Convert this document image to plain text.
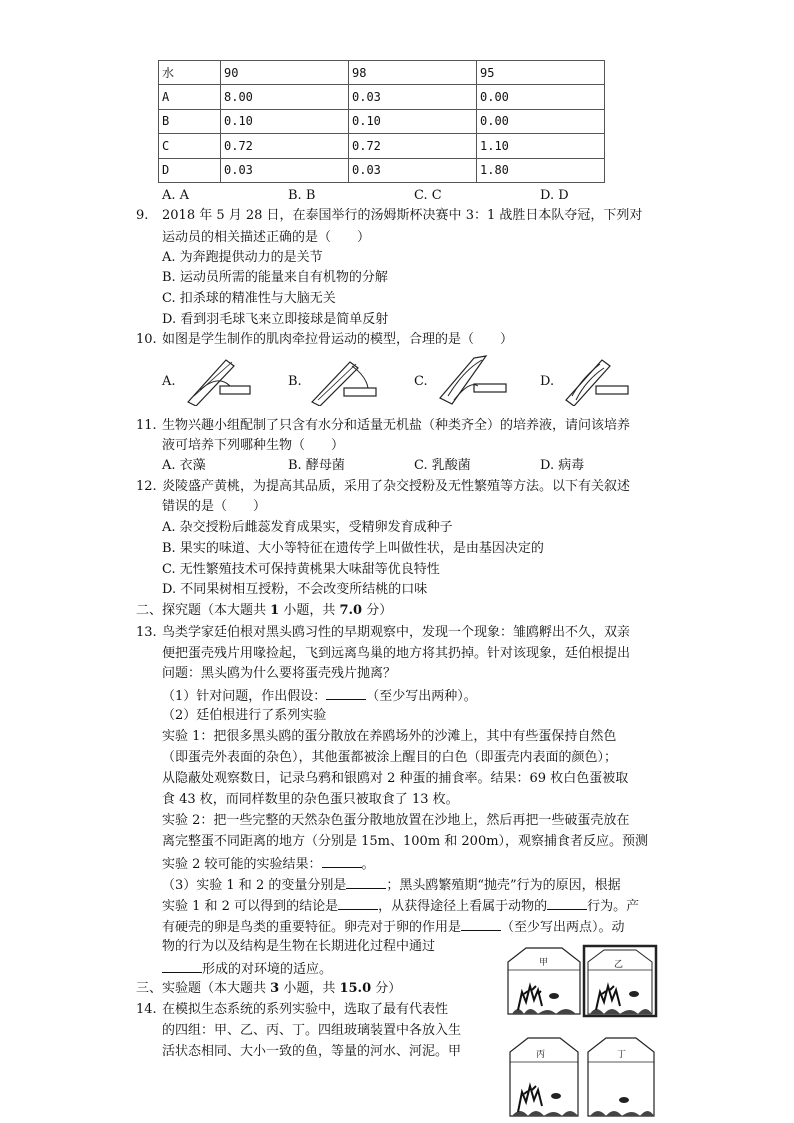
水	90	98	95
A	8.00	0.03	0.00
B	0.10	0.10	0.00
C	0.72	0.72	1.10
D	0.03	0.03	1.80
A. A	B. B	C. C	D. D
9. 2018 年 5 月 28 日，在泰国举行的汤姆斯杯决赛中 3：1 战胜日本队夺冠，下列对
运动员的相关描述正确的是（　　）
A. 为奔跑提供动力的是关节
B. 运动员所需的能量来自有机物的分解
C. 扣杀球的精准性与大脑无关
D. 看到羽毛球飞来立即接球是简单反射
10. 如图是学生制作的肌肉牵拉骨运动的模型，合理的是（　　）
A.	B.	C.	D.
11. 生物兴趣小组配制了只含有水分和适量无机盐（种类齐全）的培养液，请问该培养
液可培养下列哪种生物（　　）
A. 衣藻	B. 酵母菌	C. 乳酸菌	D. 病毒
12. 炎陵盛产黄桃，为提高其品质，采用了杂交授粉及无性繁殖等方法。以下有关叙述
错误的是（　　）
A. 杂交授粉后雌蕊发育成果实，受精卵发育成种子
B. 果实的味道、大小等特征在遗传学上叫做性状，是由基因决定的
C. 无性繁殖技术可保持黄桃果大味甜等优良特性
D. 不同果树相互授粉，不会改变所结桃的口味
二、探究题（本大题共 1 小题，共 7.0 分）
13. 鸟类学家廷伯根对黑头鸥习性的早期观察中，发现一个现象：雏鸥孵出不久，双亲
便把蛋壳残片用喙捡起，飞到远离鸟巢的地方将其扔掉。针对该现象，廷伯根提出
问题：黑头鸥为什么要将蛋壳残片抛离？
（1）针对问题，作出假设：	（至少写出两种）。
（2）廷伯根进行了系列实验
实验 1：把很多黑头鸥的蛋分散放在养鸥场外的沙滩上，其中有些蛋保持自然色
（即蛋壳外表面的杂色），其他蛋都被涂上醒目的白色（即蛋壳内表面的颜色）；
从隐蔽处观察数日，记录乌鸦和银鸥对 2 种蛋的捕食率。结果：69 枚白色蛋被取
食 43 枚，而同样数里的杂色蛋只被取食了 13 枚。
实验 2：把一些完整的天然杂色蛋分散地放置在沙地上，然后再把一些破蛋壳放在
离完整蛋不同距离的地方（分别是 15m、100m 和 200m），观察捕食者反应。预测
实验 2 较可能的实验结果：	。
（3）实验 1 和 2 的变量分别是	；黑头鸥繁殖期“抛壳”行为的原因，根据
实验 1 和 2 可以得到的结论是	，从获得途径上看属于动物的	行为。产
有硬壳的卵是鸟类的重要特征。卵壳对于卵的作用是	（至少写出两点）。动
物的行为以及结构是生物在长期进化过程中通过
形成的对环境的适应。
三、实验题（本大题共 3 小题，共 15.0 分）
14. 在模拟生态系统的系列实验中，选取了最有代表性
的四组：甲、乙、丙、丁。四组玻璃装置中各放入生
活状态相同、大小一致的鱼，等量的河水、河泥。甲
甲	乙
丙	丁
